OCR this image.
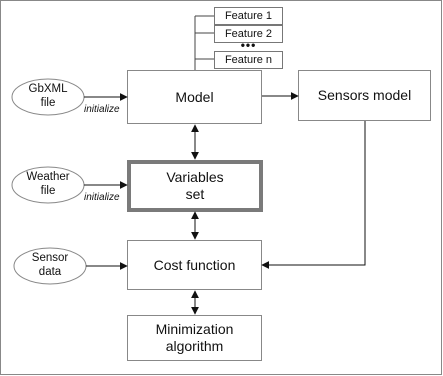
Feature 1
Feature 2
•••
Feature n
Model	Sensors model
Variables
set
Cost function
Minimization
algorithm
GbXML
file
Weather
file
Sensor
data
initialize
initialize
